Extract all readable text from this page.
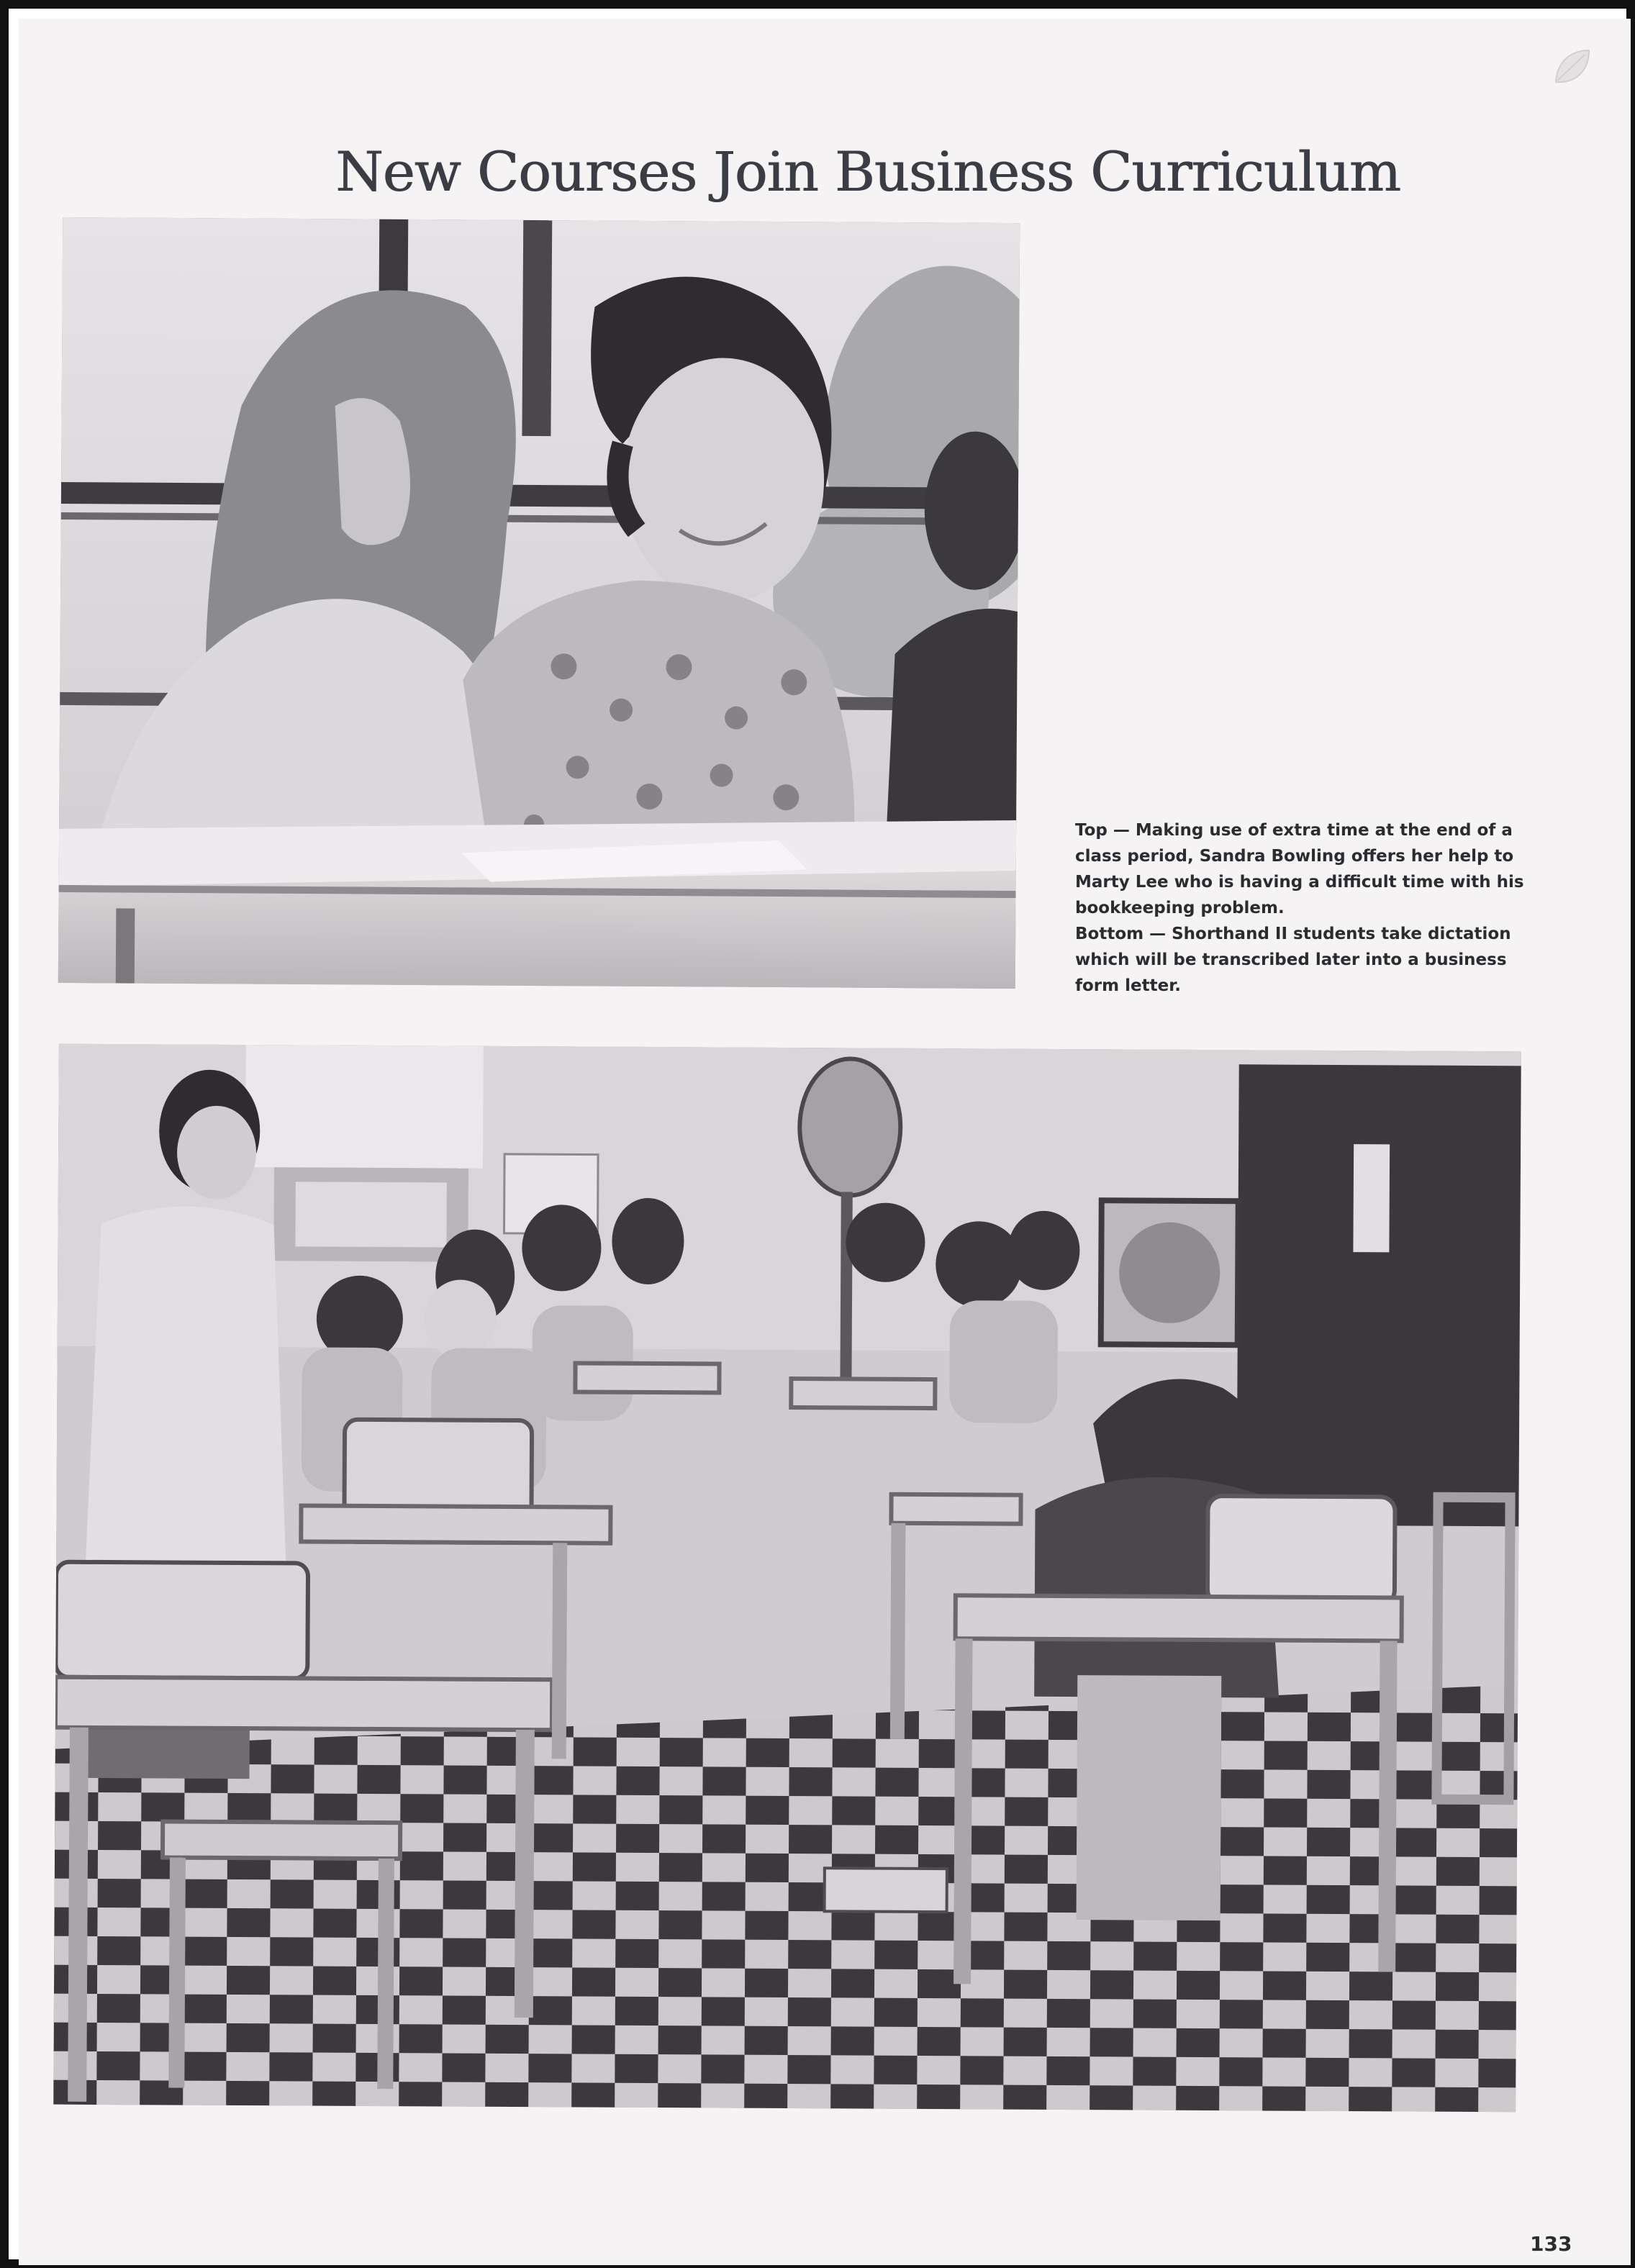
New Courses Join Business Curriculum

Top — Making use of extra time at the end of a class period, Sandra Bowling offers her help to Marty Lee who is having a difficult time with his bookkeeping problem.

Bottom — Shorthand II students take dictation which will be transcribed later into a business form letter.

133
